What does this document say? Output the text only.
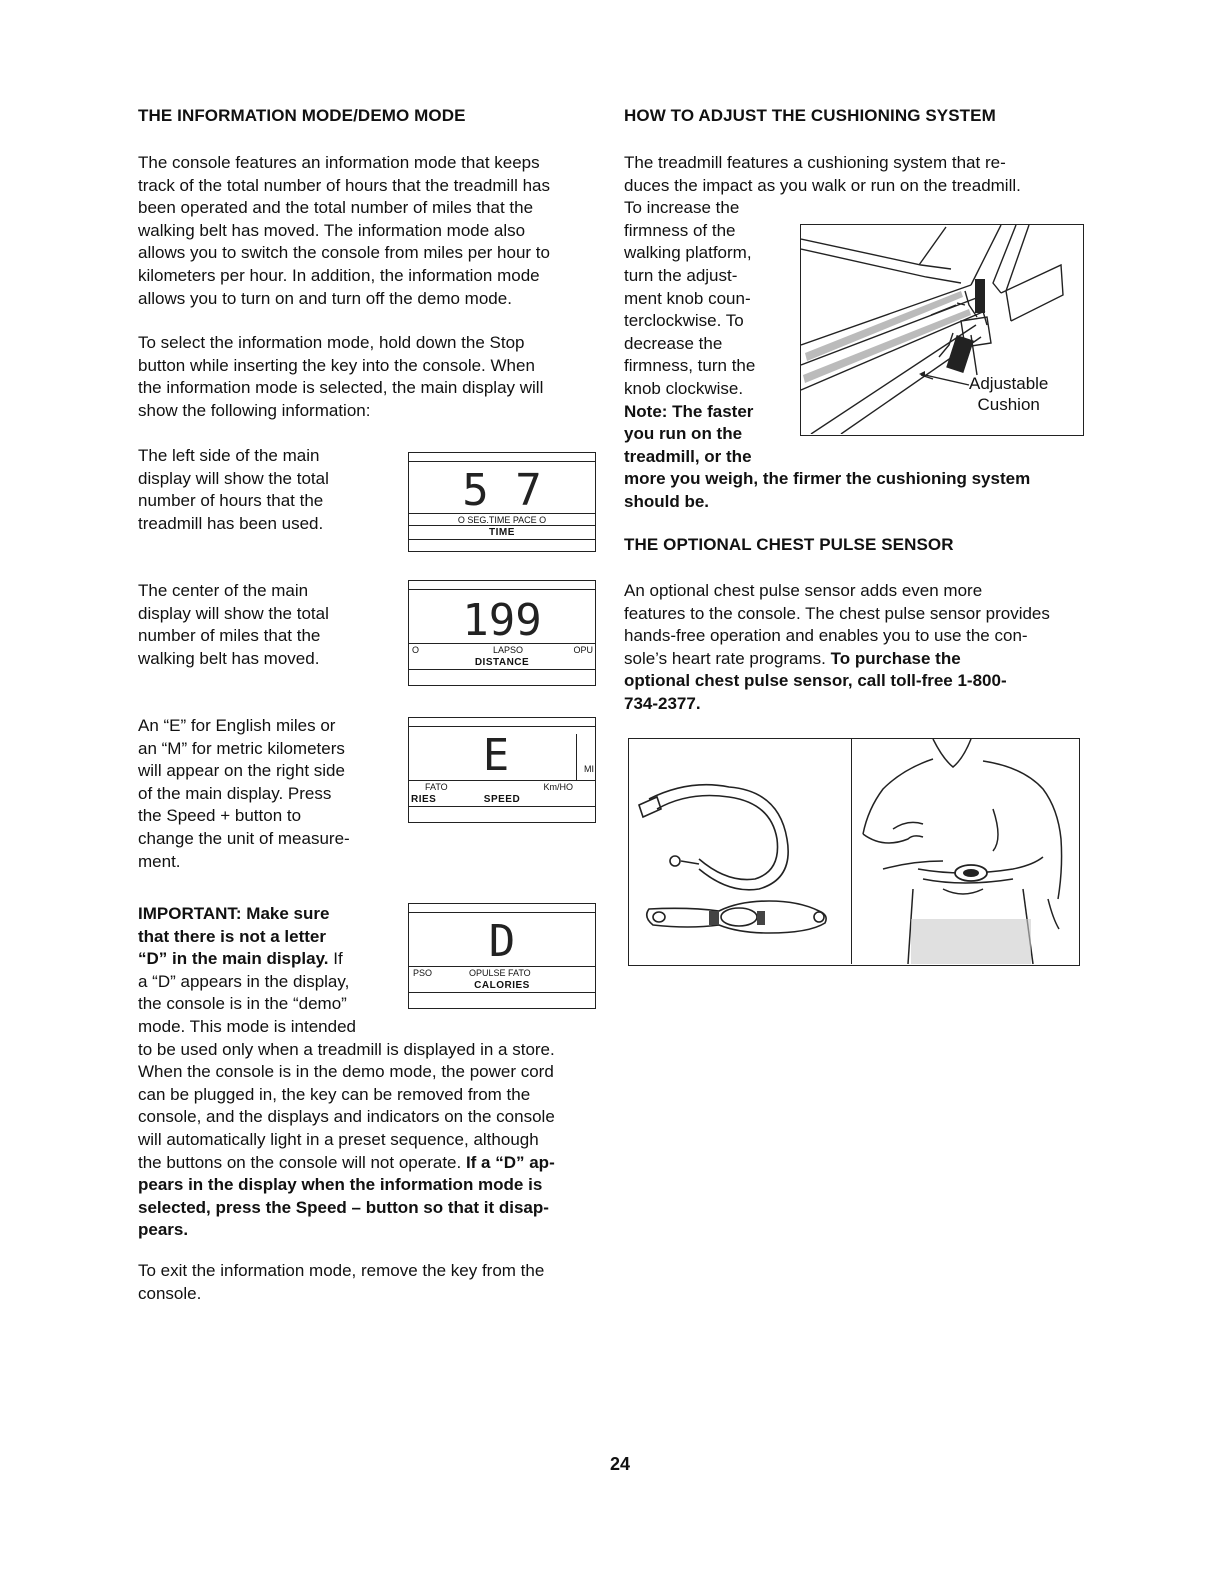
THE INFORMATION MODE/DEMO MODE
The console features an information mode that keeps
track of the total number of hours that the treadmill has
been operated and the total number of miles that the
walking belt has moved. The information mode also
allows you to switch the console from miles per hour to
kilometers per hour. In addition, the information mode
allows you to turn on and turn off the demo mode.
To select the information mode, hold down the Stop
button while inserting the key into the console. When
the information mode is selected, the main display will
show the following information:
The left side of the main
display will show the total
number of hours that the
treadmill has been used.
The center of the main
display will show the total
number of miles that the
walking belt has moved.
An “E” for English miles or
an “M” for metric kilometers
will appear on the right side
of the main display. Press
the Speed + button to
change the unit of measure-
ment.
IMPORTANT: Make sure
that there is not a letter
“D” in the main display. If
a “D” appears in the display,
the console is in the “demo”
mode. This mode is intended
to be used only when a treadmill is displayed in a store.
When the console is in the demo mode, the power cord
can be plugged in, the key can be removed from the
console, and the displays and indicators on the console
will automatically light in a preset sequence, although
the buttons on the console will not operate. If a “D” ap-
pears in the display when the information mode is
selected, press the Speed – button so that it disap-
pears.
To exit the information mode, remove the key from the
console.
5 7
O SEG.TIME PACE O
TIME
199
O	LAPSO	OPU
DISTANCE
E	MI
FATO	Km/HO
RIES	SPEED
D
PSO	OPULSE FATO
CALORIES
HOW TO ADJUST THE CUSHIONING SYSTEM
The treadmill features a cushioning system that re-
duces the impact as you walk or run on the treadmill.
To increase the
firmness of the
walking platform,
turn the adjust-
ment knob coun-
terclockwise. To
decrease the
firmness, turn the
knob clockwise.
Note: The faster
you run on the
treadmill, or the
more you weigh, the firmer the cushioning system
should be.
Adjustable
Cushion
THE OPTIONAL CHEST PULSE SENSOR
An optional chest pulse sensor adds even more
features to the console. The chest pulse sensor provides
hands-free operation and enables you to use the con-
sole’s heart rate programs. To purchase the
optional chest pulse sensor, call toll-free 1-800-
734-2377.
24
